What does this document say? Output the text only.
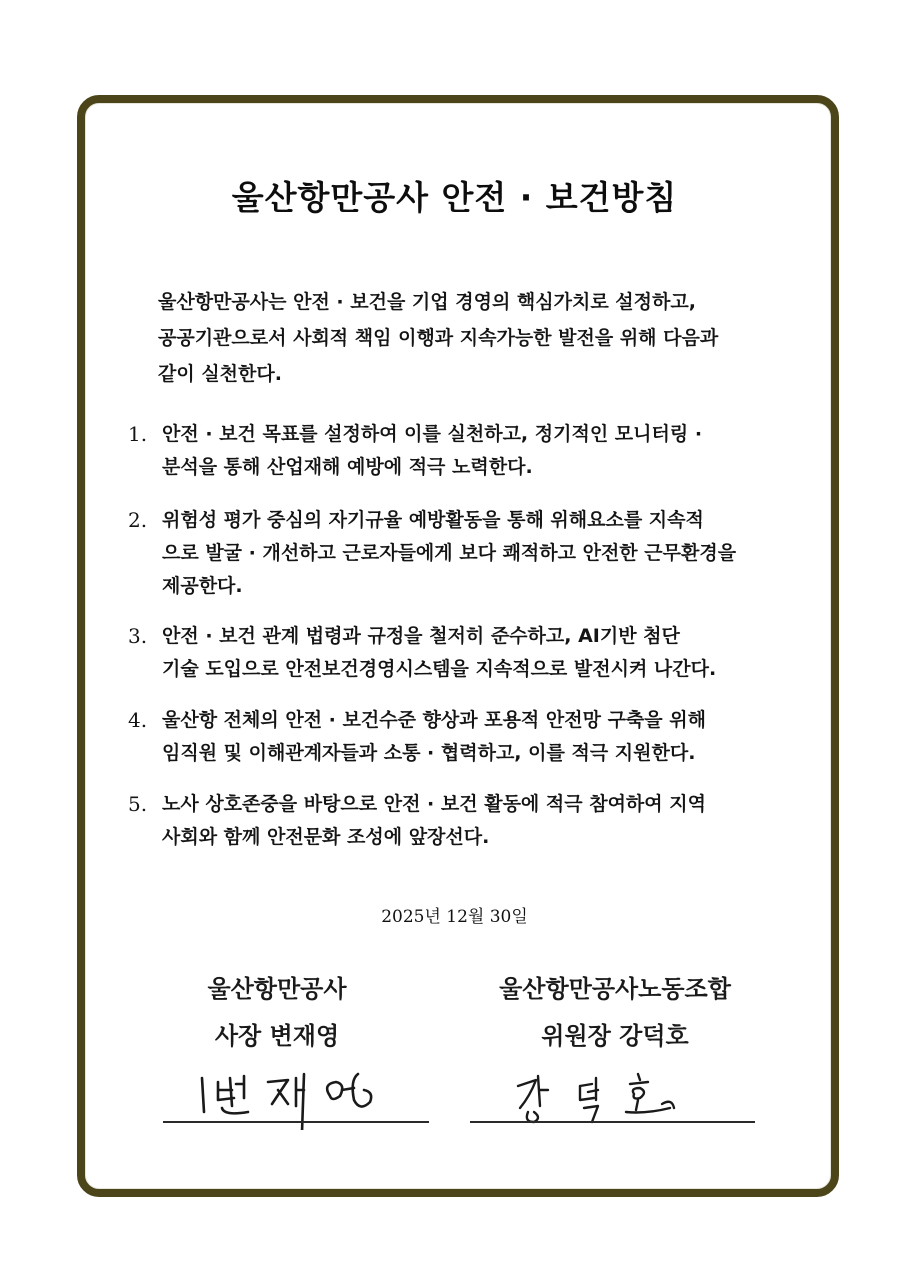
울산항만공사 안전 · 보건방침
울산항만공사는 안전 · 보건을 기업 경영의 핵심가치로 설정하고,
공공기관으로서 사회적 책임 이행과 지속가능한 발전을 위해 다음과
같이 실천한다.
1. 안전 · 보건 목표를 설정하여 이를 실천하고, 정기적인 모니터링 ·
분석을 통해 산업재해 예방에 적극 노력한다.
2. 위험성 평가 중심의 자기규율 예방활동을 통해 위해요소를 지속적
으로 발굴 · 개선하고 근로자들에게 보다 쾌적하고 안전한 근무환경을
제공한다.
3. 안전 · 보건 관계 법령과 규정을 철저히 준수하고, AI기반 첨단
기술 도입으로 안전보건경영시스템을 지속적으로 발전시켜 나간다.
4. 울산항 전체의 안전 · 보건수준 향상과 포용적 안전망 구축을 위해
임직원 및 이해관계자들과 소통 · 협력하고, 이를 적극 지원한다.
5. 노사 상호존중을 바탕으로 안전 · 보건 활동에 적극 참여하여 지역
사회와 함께 안전문화 조성에 앞장선다.
2025년 12월 30일
울산항만공사
사장 변재영
울산항만공사노동조합
위원장 강덕호
